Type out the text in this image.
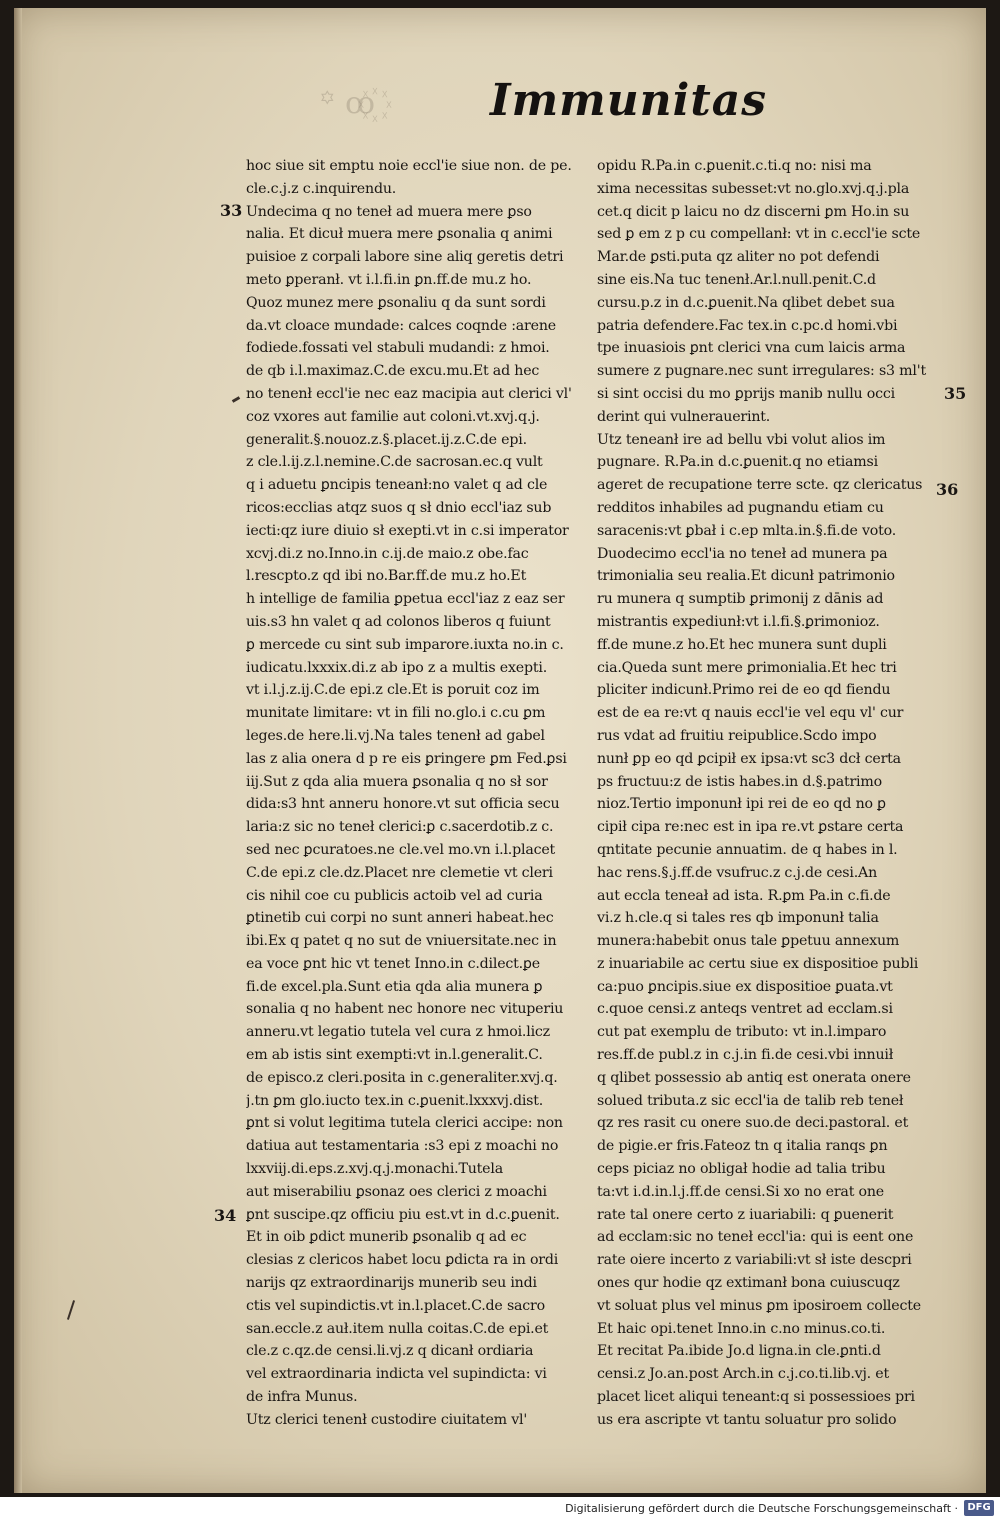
꙰ꝏ ꙳	Immunitas
33
34
35
36
hoc siue sit emptu noie eccl'ie siue non. de pe.
cle.c.j.z c.inquirendu.
Undecima q no teneł ad muera mere ꝑso
nalia. Et dicuł muera mere ꝑsonalia q animi
puisioe z corpali labore sine aliq geretis detri
meto ꝑperanł. vt i.l.fi.in ꝑn.ff.de mu.z ho.
Quoz munez mere ꝑsonaliu q da sunt sordi
da.vt cloace mundade: calces coqnde :arene
fodiede.fossati vel stabuli mudandi: z hmoi.
de qb i.l.maximaz.C.de excu.mu.Et ad hec
no tenenł eccl'ie nec eaz macipia aut clerici vl'
coz vxores aut familie aut coloni.vt.xvj.q.j.
generalit.§.nouoz.z.§.placet.ij.z.C.de epi.
z cle.l.ij.z.l.nemine.C.de sacrosan.ec.q vult
q i aduetu ꝑncipis teneanł:no valet q ad cle
ricos:ecclias atqz suos q sł dnio eccl'iaz sub
iecti:qz iure diuio sł exepti.vt in c.si imperator
xcvj.di.z no.Inno.in c.ij.de maio.z obe.fac
l.rescpto.z qd ibi no.Bar.ff.de mu.z ho.Et
h intellige de familia ꝑpetua eccl'iaz z eaz ser
uis.s3 hn valet q ad colonos liberos q fuiunt
ꝑ mercede cu sint sub imparore.iuxta no.in c.
iudicatu.lxxxix.di.z ab ipo z a multis exepti.
vt i.l.j.z.ij.C.de epi.z cle.Et is poruit coz im
munitate limitare: vt in fili no.glo.i c.cu ꝑm
leges.de here.li.vj.Na tales tenenł ad gabel
las z alia onera d p re eis ꝑringere ꝑm Fed.ꝑsi
iij.Sut z qda alia muera ꝑsonalia q no sł sor
dida:s3 hnt anneru honore.vt sut officia secu
laria:z sic no teneł clerici:ꝑ c.sacerdotib.z c.
sed nec ꝑcuratoes.ne cle.vel mo.vn i.l.placet
C.de epi.z cle.dz.Placet nre clemetie vt cleri
cis nihil coe cu publicis actoib vel ad curia
ꝑtinetib cui corpi no sunt anneri habeat.hec
ibi.Ex q patet q no sut de vniuersitate.nec in
ea voce ꝑnt hic vt tenet Inno.in c.dilect.ꝑe
fi.de excel.pla.Sunt etia qda alia munera ꝑ
sonalia q no habent nec honore nec vituperiu
anneru.vt legatio tutela vel cura z hmoi.licz
em ab istis sint exempti:vt in.l.generalit.C.
de episco.z cleri.posita in c.generaliter.xvj.q.
j.tn ꝑm glo.iucto tex.in c.ꝑuenit.lxxxvj.dist.
ꝑnt si volut legitima tutela clerici accipe: non
datiua aut testamentaria :s3 epi z moachi no
lxxviij.di.eps.z.xvj.q.j.monachi.Tutela
aut miserabiliu ꝑsonaz oes clerici z moachi
ꝑnt suscipe.qz officiu piu est.vt in d.c.ꝑuenit.
Et in oib ꝑdict munerib ꝑsonalib q ad ec
clesias z clericos habet locu ꝑdicta ra in ordi
narijs qz extraordinarijs munerib seu indi
ctis vel supindictis.vt in.l.placet.C.de sacro
san.eccle.z auł.item nulla coitas.C.de epi.et
cle.z c.qz.de censi.li.vj.z q dicanł ordiaria
vel extraordinaria indicta vel supindicta: vi
de infra Munus.
Utz clerici tenenł custodire ciuitatem vl'
opidu R.Pa.in c.ꝑuenit.c.ti.q no: nisi ma
xima necessitas subesset:vt no.glo.xvj.q.j.pla
cet.q dicit p laicu no dz discerni ꝑm Ho.in su
sed ꝑ em z p cu compellanł: vt in c.eccl'ie scte
Mar.de ꝑsti.puta qz aliter no pot defendi
sine eis.Na tuc tenenł.Ar.l.null.penit.C.d
cursu.p.z in d.c.ꝑuenit.Na qlibet debet sua
patria defendere.Fac tex.in c.pc.d homi.vbi
tpe inuasiois ꝑnt clerici vna cum laicis arma
sumere z pugnare.nec sunt irregulares: s3 ml't
si sint occisi du mo ꝑprijs manib nullu occi
derint qui vulnerauerint.
Utz teneanł ire ad bellu vbi volut alios im
pugnare. R.Pa.in d.c.ꝑuenit.q no etiamsi
ageret de recupatione terre scte. qz clericatus
redditos inhabiles ad pugnandu etiam cu
saracenis:vt ꝑbał i c.ep mlta.in.§.fi.de voto.
Duodecimo eccl'ia no teneł ad munera pa
trimonialia seu realia.Et dicunł patrimonio
ru munera q sumptib ꝑrimonij z dānis ad
mistrantis expediunł:vt i.l.fi.§.ꝑrimonioz.
ff.de mune.z ho.Et hec munera sunt dupli
cia.Queda sunt mere ꝑrimonialia.Et hec tri
pliciter indicunł.Primo rei de eo qd fiendu
est de ea re:vt q nauis eccl'ie vel equ vl' cur
rus vdat ad fruitiu reipublice.Scdo impo
nunł ꝑp eo qd ꝑcipił ex ipsa:vt sc3 dcł certa
ps fructuu:z de istis habes.in d.§.patrimo
nioz.Tertio imponunł ipi rei de eo qd no ꝑ
cipił cipa re:nec est in ipa re.vt ꝑstare certa
qntitate pecunie annuatim. de q habes in l.
hac rens.§.j.ff.de vsufruc.z c.j.de cesi.An
aut eccla teneał ad ista. R.ꝑm Pa.in c.fi.de
vi.z h.cle.q si tales res qb imponunł talia
munera:habebit onus tale ꝑpetuu annexum
z inuariabile ac certu siue ex dispositioe publi
ca:puo ꝑncipis.siue ex dispositioe ꝑuata.vt
c.quoe censi.z anteqs ventret ad ecclam.si
cut pat exemplu de tributo: vt in.l.imparo
res.ff.de publ.z in c.j.in fi.de cesi.vbi innuił
q qlibet possessio ab antiq est onerata onere
solued tributa.z sic eccl'ia de talib reb teneł
qz res rasit cu onere suo.de deci.pastoral. et
de pigie.er fris.Fateoz tn q italia ranqs ꝑn
ceps piciaz no obligał hodie ad talia tribu
ta:vt i.d.in.l.j.ff.de censi.Si xo no erat one
rate tal onere certo z iuariabili: q ꝑuenerit
ad ecclam:sic no teneł eccl'ia: qui is eent one
rate oiere incerto z variabili:vt sł iste descpri
ones qur hodie qz extimanł bona cuiuscuqz
vt soluat plus vel minus ꝑm iposiroem collecte
Et haic opi.tenet Inno.in c.no minus.co.ti.
Et recitat Pa.ibide Jo.d ligna.in cle.ꝑnti.d
censi.z Jo.an.post Arch.in c.j.co.ti.lib.vj. et
placet licet aliqui teneant:q si possessioes pri
us era ascripte vt tantu soluatur pro solido
Digitalisierung gefördert durch die Deutsche Forschungsgemeinschaft · DFG
